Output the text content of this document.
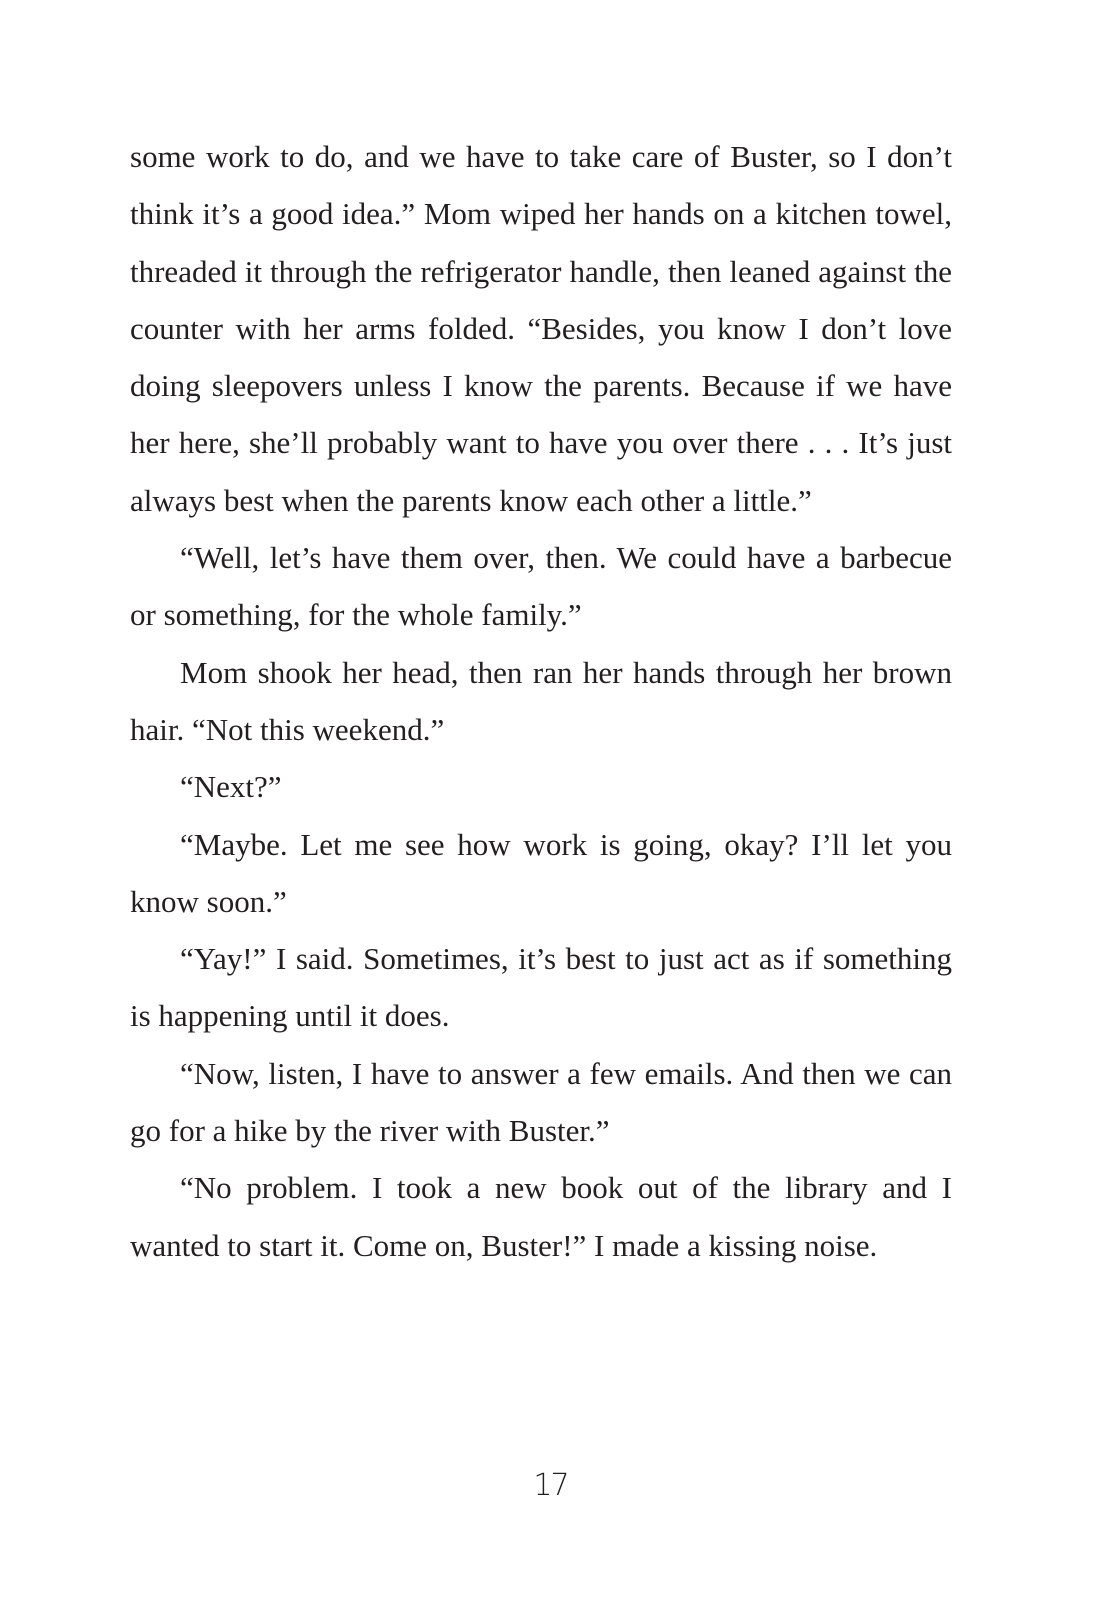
some work to do, and we have to take care of Buster, so I don’t think it’s a good idea.” Mom wiped her hands on a kitchen towel, threaded it through the refrigerator handle, then leaned against the counter with her arms folded. “Besides, you know I don’t love doing sleepovers unless I know the parents. Because if we have her here, she’ll probably want to have you over there . . . It’s just always best when the parents know each other a little.”

“Well, let’s have them over, then. We could have a barbecue or something, for the whole family.”

Mom shook her head, then ran her hands through her brown hair. “Not this weekend.”

“Next?”

“Maybe. Let me see how work is going, okay? I’ll let you know soon.”

“Yay!” I said. Sometimes, it’s best to just act as if something is happening until it does.

“Now, listen, I have to answer a few emails. And then we can go for a hike by the river with Buster.”

“No problem. I took a new book out of the library and I wanted to start it. Come on, Buster!” I made a kissing noise.

17
